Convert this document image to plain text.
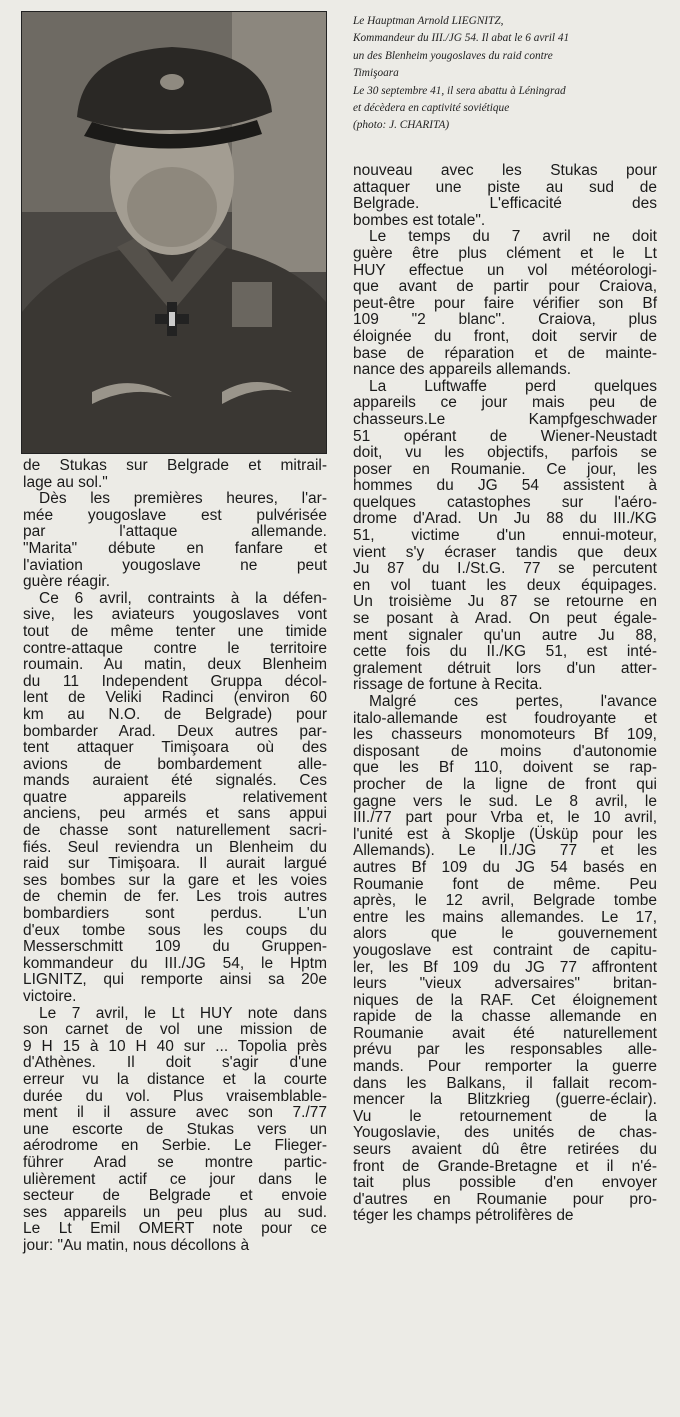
Le Hauptman Arnold LIEGNITZ,
Kommandeur du III./JG 54. Il abat le 6 avril 41
un des Blenheim yougoslaves du raid contre
Timişoara
Le 30 septembre 41, il sera abattu à Léningrad
et décèdera en captivité soviétique
(photo: J. CHARITA)
de Stukas sur Belgrade et mitrail-
lage au sol."
Dès les premières heures, l'ar-
mée yougoslave est pulvérisée
par l'attaque allemande.
"Marita" débute en fanfare et
l'aviation yougoslave ne peut
guère réagir.
Ce 6 avril, contraints à la défen-
sive, les aviateurs yougoslaves vont
tout de même tenter une timide
contre-attaque contre le territoire
roumain. Au matin, deux Blenheim
du 11 Independent Gruppa décol-
lent de Veliki Radinci (environ 60
km au N.O. de Belgrade) pour
bombarder Arad. Deux autres par-
tent attaquer Timişoara où des
avions de bombardement alle-
mands auraient été signalés. Ces
quatre appareils relativement
anciens, peu armés et sans appui
de chasse sont naturellement sacri-
fiés. Seul reviendra un Blenheim du
raid sur Timişoara. Il aurait largué
ses bombes sur la gare et les voies
de chemin de fer. Les trois autres
bombardiers sont perdus. L'un
d'eux tombe sous les coups du
Messerschmitt 109 du Gruppen-
kommandeur du III./JG 54, le Hptm
LIGNITZ, qui remporte ainsi sa 20e
victoire.
Le 7 avril, le Lt HUY note dans
son carnet de vol une mission de
9 H 15 à 10 H 40 sur ... Topolia près
d'Athènes. Il doit s'agir d'une
erreur vu la distance et la courte
durée du vol. Plus vraisemblable-
ment il il assure avec son 7./77
une escorte de Stukas vers un
aérodrome en Serbie. Le Flieger-
führer Arad se montre partic-
ulièrement actif ce jour dans le
secteur de Belgrade et envoie
ses appareils un peu plus au sud.
Le Lt Emil OMERT note pour ce
jour: "Au matin, nous décollons à
nouveau avec les Stukas pour
attaquer une piste au sud de
Belgrade. L'efficacité des
bombes est totale".
Le temps du 7 avril ne doit
guère être plus clément et le Lt
HUY effectue un vol météorologi-
que avant de partir pour Craiova,
peut-être pour faire vérifier son Bf
109 "2 blanc". Craiova, plus
éloignée du front, doit servir de
base de réparation et de mainte-
nance des appareils allemands.
La Luftwaffe perd quelques
appareils ce jour mais peu de
chasseurs.Le Kampfgeschwader
51 opérant de Wiener-Neustadt
doit, vu les objectifs, parfois se
poser en Roumanie. Ce jour, les
hommes du JG 54 assistent à
quelques catastophes sur l'aéro-
drome d'Arad. Un Ju 88 du III./KG
51, victime d'un ennui-moteur,
vient s'y écraser tandis que deux
Ju 87 du I./St.G. 77 se percutent
en vol tuant les deux équipages.
Un troisième Ju 87 se retourne en
se posant à Arad. On peut égale-
ment signaler qu'un autre Ju 88,
cette fois du II./KG 51, est inté-
gralement détruit lors d'un atter-
rissage de fortune à Recita.
Malgré ces pertes, l'avance
italo-allemande est foudroyante et
les chasseurs monomoteurs Bf 109,
disposant de moins d'autonomie
que les Bf 110, doivent se rap-
procher de la ligne de front qui
gagne vers le sud. Le 8 avril, le
III./77 part pour Vrba et, le 10 avril,
l'unité est à Skoplje (Üsküp pour les
Allemands). Le II./JG 77 et les
autres Bf 109 du JG 54 basés en
Roumanie font de même. Peu
après, le 12 avril, Belgrade tombe
entre les mains allemandes. Le 17,
alors que le gouvernement
yougoslave est contraint de capitu-
ler, les Bf 109 du JG 77 affrontent
leurs "vieux adversaires" britan-
niques de la RAF. Cet éloignement
rapide de la chasse allemande en
Roumanie avait été naturellement
prévu par les responsables alle-
mands. Pour remporter la guerre
dans les Balkans, il fallait recom-
mencer la Blitzkrieg (guerre-éclair).
Vu le retournement de la
Yougoslavie, des unités de chas-
seurs avaient dû être retirées du
front de Grande-Bretagne et il n'é-
tait plus possible d'en envoyer
d'autres en Roumanie pour pro-
téger les champs pétrolifères de
